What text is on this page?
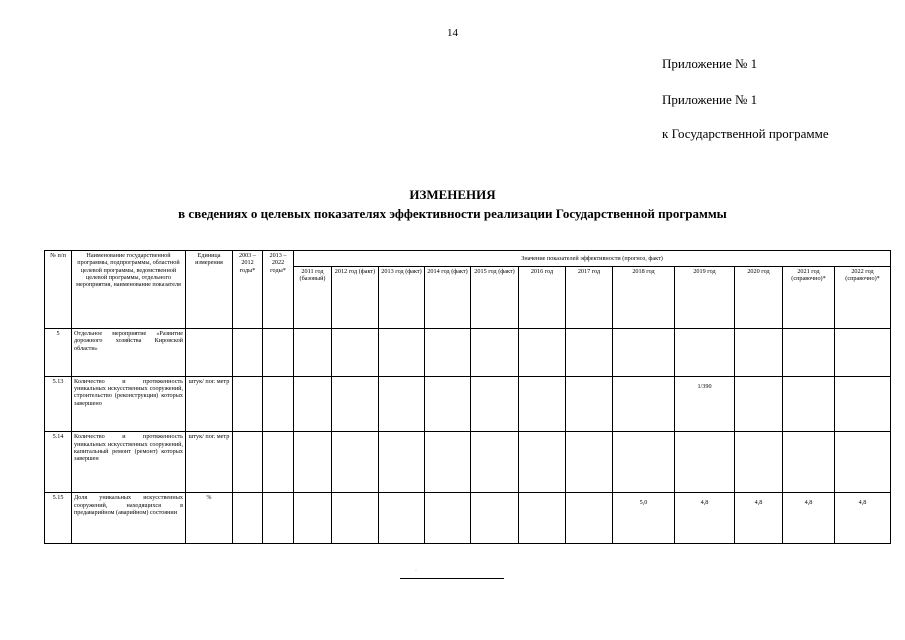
14
Приложение № 1
Приложение № 1
к Государственной программе
ИЗМЕНЕНИЯ
в сведениях о целевых показателях эффективности реализации Государственной программы
№ п/п	Наименование государственной программы, подпрограммы, областной целевой программы, ведомственной целевой программы, отдельного мероприятия, наименование показателя	Единица измерения	2003 – 2012 годы*	2013 – 2022 годы*	Значение показателей эффективности (прогноз, факт)											
					2011 год (базовый)	2012 год (факт)	2013 год (факт)	2014 год (факт)	2015 год (факт)	2016 год	2017 год	2018 год	2019 год	2020 год	2021 год (справочно)*	2022 год (справочно)*
5	Отдельное мероприятие «Развитие дорожного хозяйства Кировской области»															
5.13	Количество и протяженность уникальных искусственных сооружений, строительство (реконструкция) которых завершено	штук/ пог. метр											1/390			
5.14	Количество и протяженность уникальных искусственных сооружений, капитальный ремонт (ремонт) которых завершен	штук/ пог. метр														
5.15	Доля уникальных искусственных сооружений, находящихся в предаварийном (аварийном) состоянии	%										5,0	4,8	4,8	4,8	4,8
·
